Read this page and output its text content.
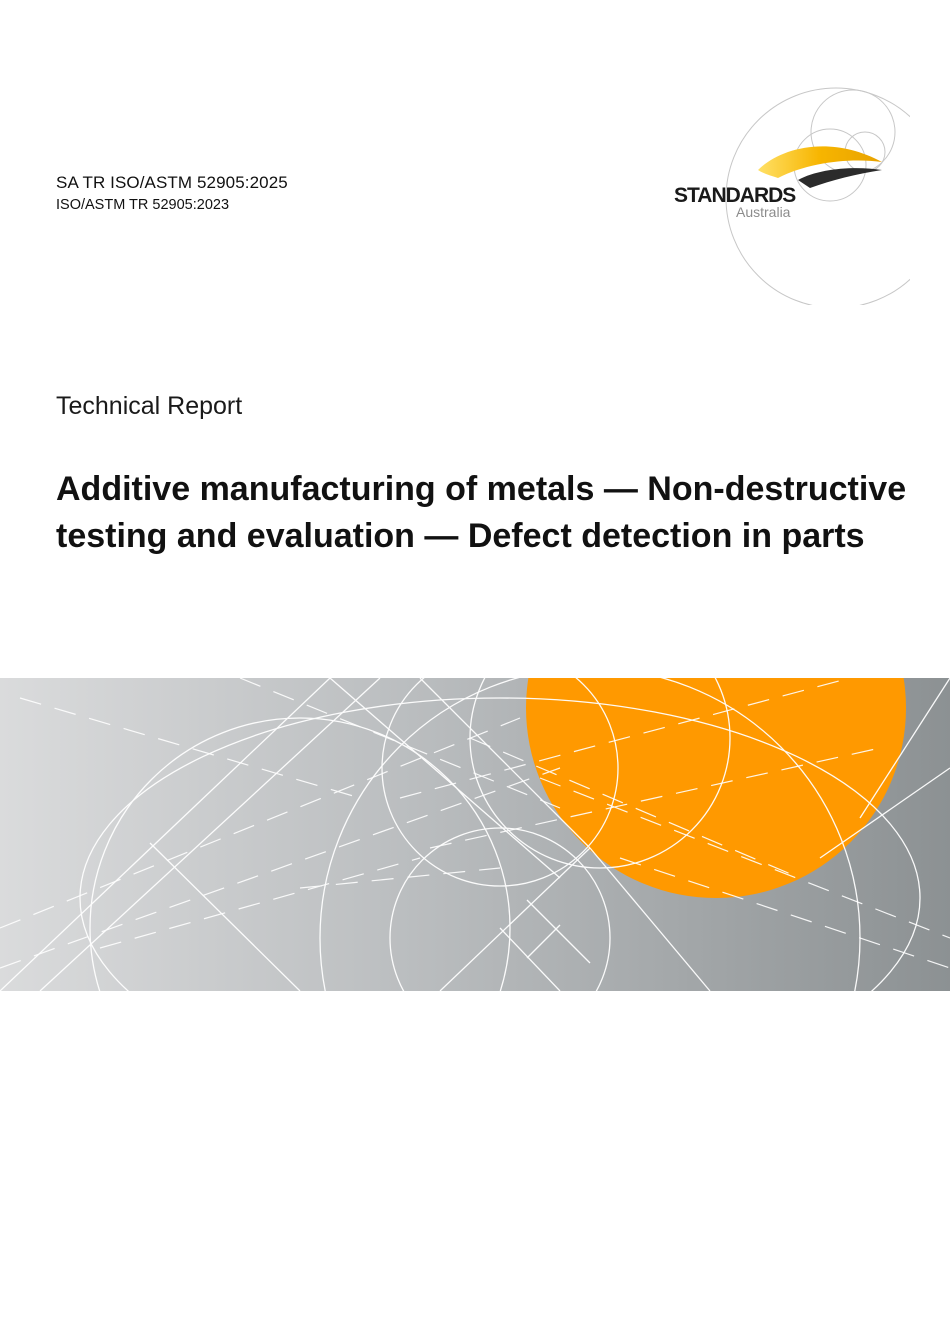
SA TR ISO/ASTM 52905:2025
ISO/ASTM TR 52905:2023	STANDARDS
Australia
Technical Report
Additive manufacturing of metals — Non-destructive testing and evaluation — Defect detection in parts
